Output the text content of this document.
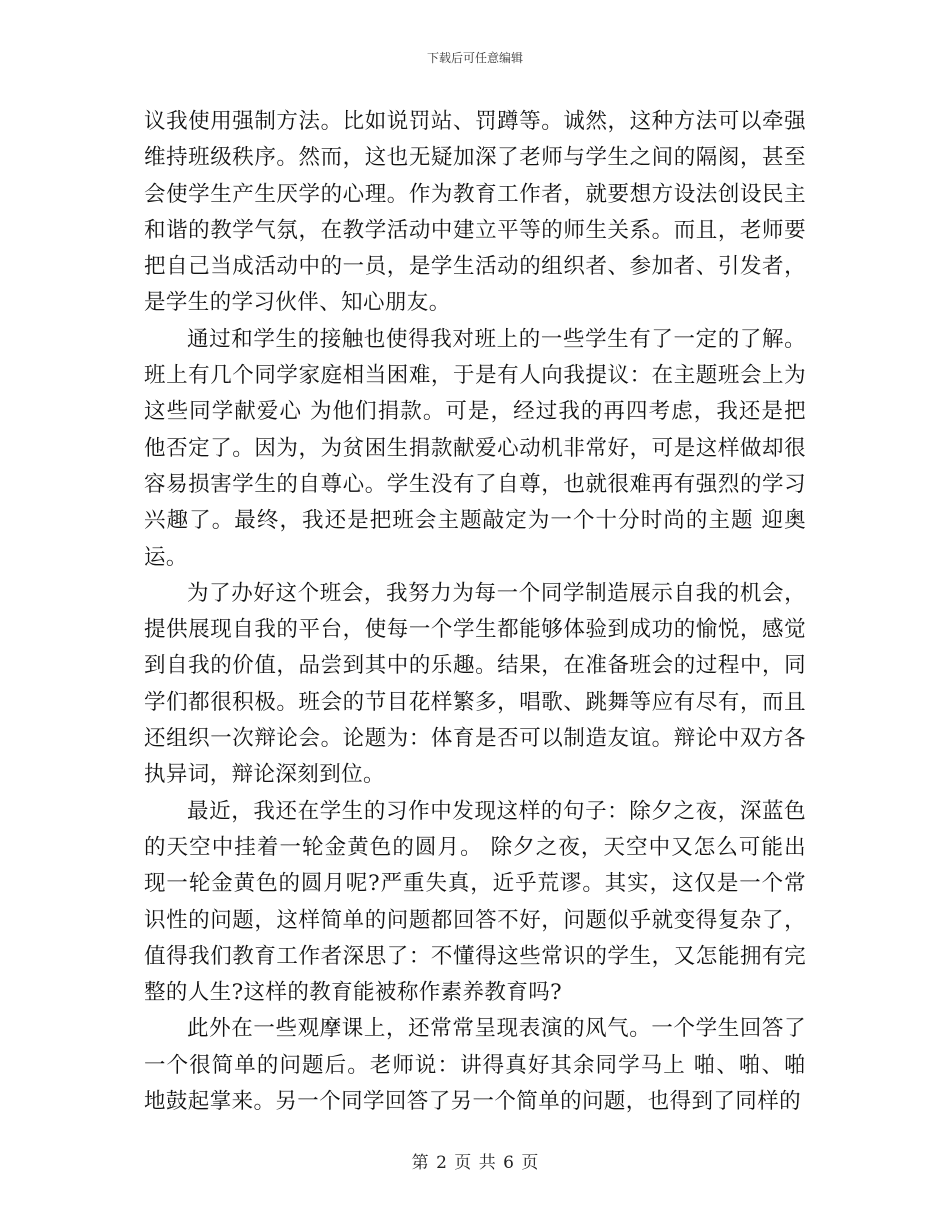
下载后可任意编辑

议我使用强制方法。比如说罚站、罚蹲等。诚然，这种方法可以牵强维持班级秩序。然而，这也无疑加深了老师与学生之间的隔阂，甚至会使学生产生厌学的心理。作为教育工作者，就要想方设法创设民主和谐的教学气氛，在教学活动中建立平等的师生关系。而且，老师要把自己当成活动中的一员，是学生活动的组织者、参加者、引发者，是学生的学习伙伴、知心朋友。

通过和学生的接触也使得我对班上的一些学生有了一定的了解。班上有几个同学家庭相当困难，于是有人向我提议：在主题班会上为这些同学献爱心 为他们捐款。可是，经过我的再四考虑，我还是把他否定了。因为，为贫困生捐款献爱心动机非常好，可是这样做却很容易损害学生的自尊心。学生没有了自尊，也就很难再有强烈的学习兴趣了。最终，我还是把班会主题敲定为一个十分时尚的主题 迎奥运。

为了办好这个班会，我努力为每一个同学制造展示自我的机会，提供展现自我的平台，使每一个学生都能够体验到成功的愉悦，感觉到自我的价值，品尝到其中的乐趣。结果，在准备班会的过程中，同学们都很积极。班会的节目花样繁多，唱歌、跳舞等应有尽有，而且还组织一次辩论会。论题为：体育是否可以制造友谊。辩论中双方各执异词，辩论深刻到位。

最近，我还在学生的习作中发现这样的句子：除夕之夜，深蓝色的天空中挂着一轮金黄色的圆月。 除夕之夜，天空中又怎么可能出现一轮金黄色的圆月呢?严重失真，近乎荒谬。其实，这仅是一个常识性的问题，这样简单的问题都回答不好，问题似乎就变得复杂了，值得我们教育工作者深思了：不懂得这些常识的学生，又怎能拥有完整的人生?这样的教育能被称作素养教育吗?

此外在一些观摩课上，还常常呈现表演的风气。一个学生回答了一个很简单的问题后。老师说：讲得真好其余同学马上 啪、啪、啪 地鼓起掌来。另一个同学回答了另一个简单的问题，也得到了同样的

第 2 页 共 6 页
